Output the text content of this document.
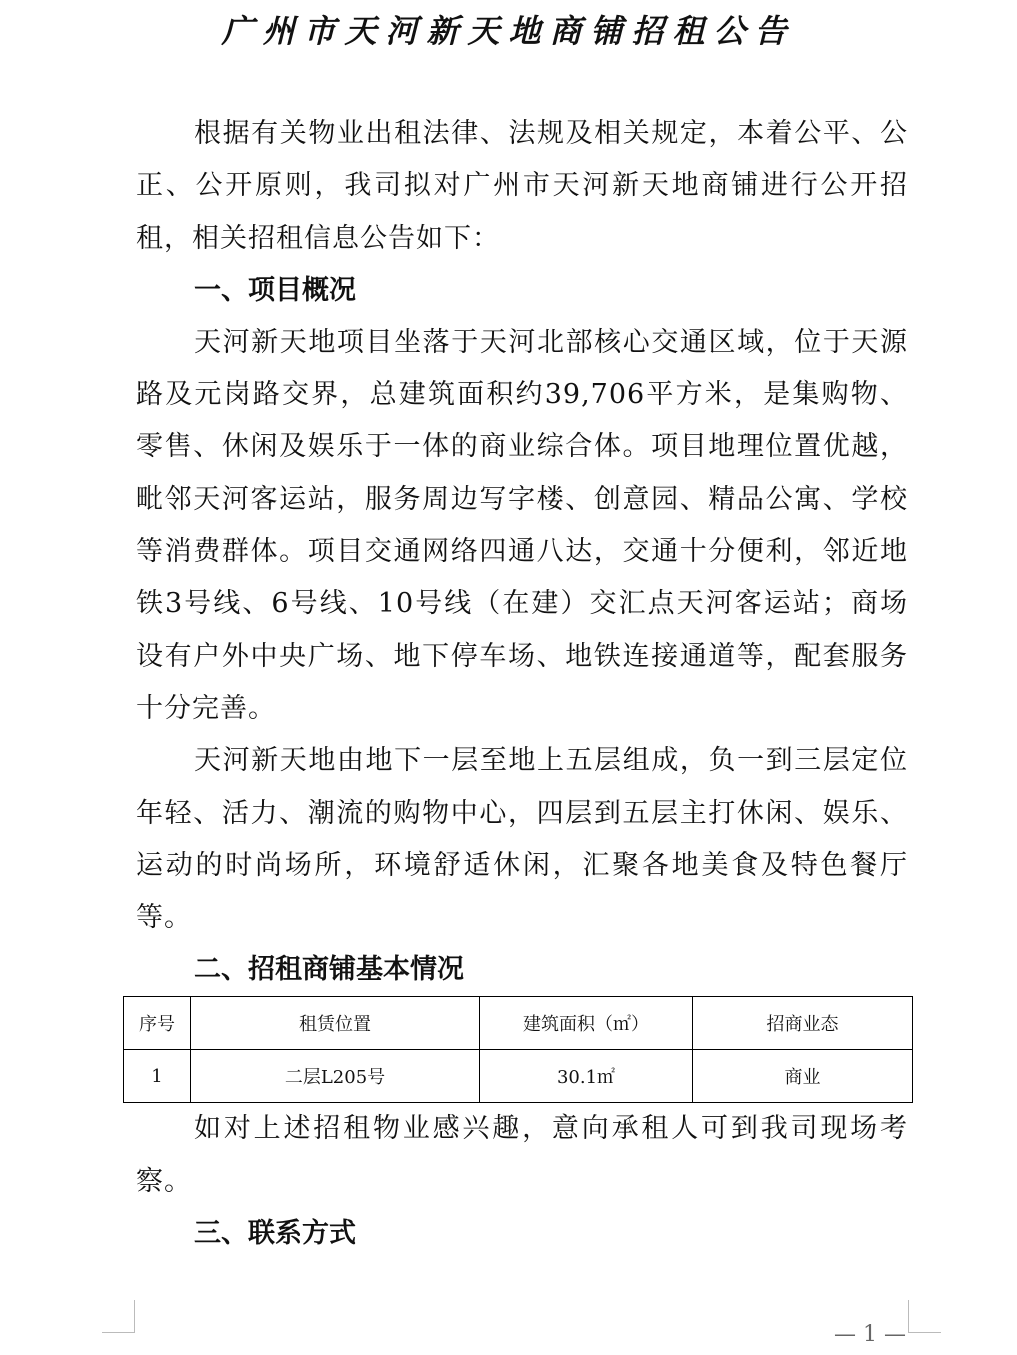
广州市天河新天地商铺招租公告

根据有关物业出租法律、法规及相关规定，本着公平、公正、公开原则，我司拟对广州市天河新天地商铺进行公开招租，相关招租信息公告如下：

一、项目概况

天河新天地项目坐落于天河北部核心交通区域，位于天源路及元岗路交界，总建筑面积约39,706平方米，是集购物、零售、休闲及娱乐于一体的商业综合体。项目地理位置优越，毗邻天河客运站，服务周边写字楼、创意园、精品公寓、学校等消费群体。项目交通网络四通八达，交通十分便利，邻近地铁3号线、6号线、10号线（在建）交汇点天河客运站；商场设有户外中央广场、地下停车场、地铁连接通道等，配套服务十分完善。

天河新天地由地下一层至地上五层组成，负一到三层定位年轻、活力、潮流的购物中心，四层到五层主打休闲、娱乐、运动的时尚场所，环境舒适休闲，汇聚各地美食及特色餐厅等。

二、招租商铺基本情况

序号	租赁位置	建筑面积（㎡）	招商业态
1	二层L205号	30.1㎡	商业

如对上述招租物业感兴趣，意向承租人可到我司现场考察。

三、联系方式

— 1 —
